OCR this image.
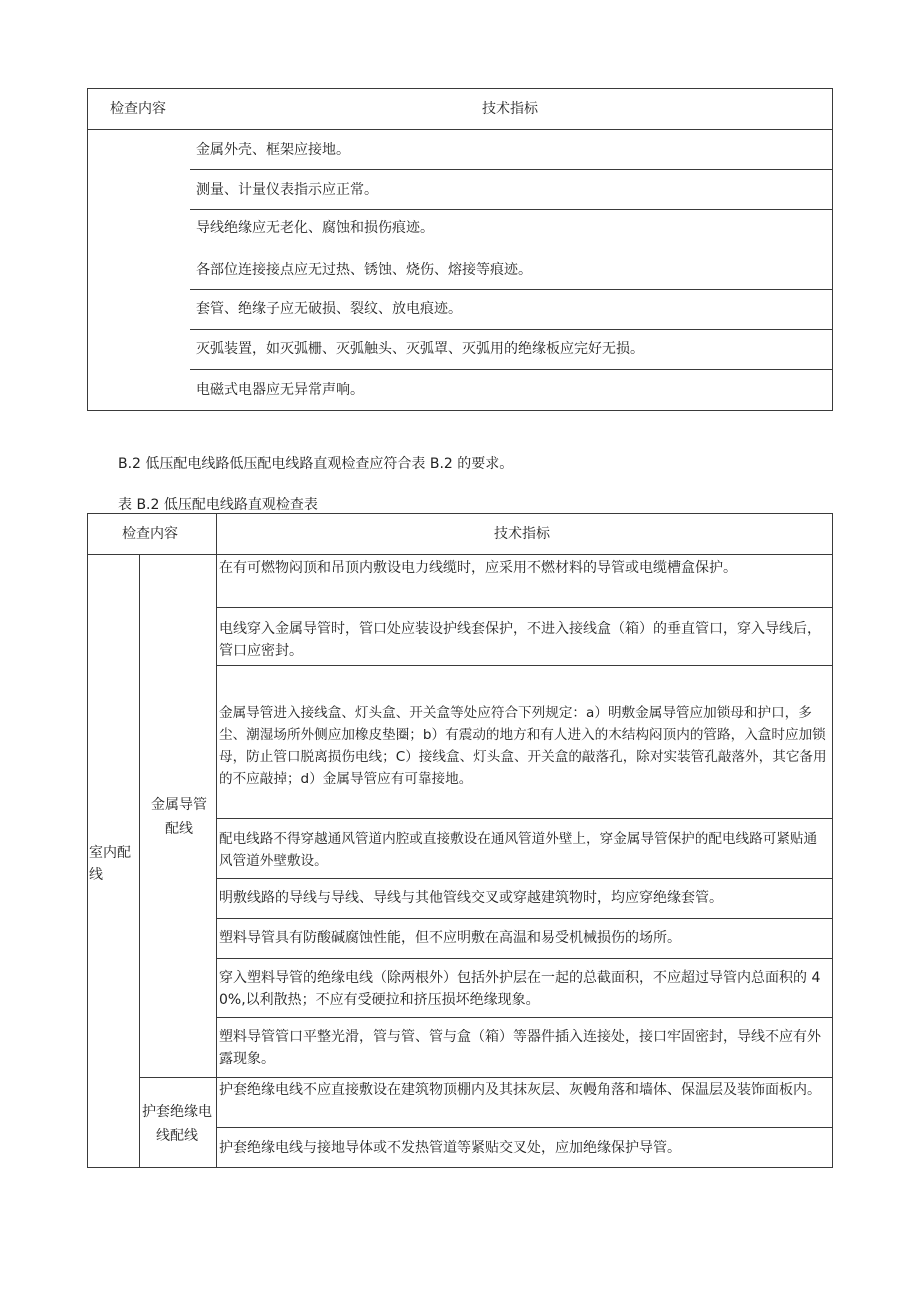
检查内容	技术指标
金属外壳、框架应接地。
测量、计量仪表指示应正常。
导线绝缘应无老化、腐蚀和损伤痕迹。
各部位连接接点应无过热、锈蚀、烧伤、熔接等痕迹。
套管、绝缘子应无破损、裂纹、放电痕迹。
灭弧装置，如灭弧栅、灭弧触头、灭弧罩、灭弧用的绝缘板应完好无损。
电磁式电器应无异常声响。
B.2 低压配电线路低压配电线路直观检查应符合表 B.2 的要求。
表 B.2 低压配电线路直观检查表
检查内容	技术指标
室内配线
金属导管配线
护套绝缘电线配线
在有可燃物闷顶和吊顶内敷设电力线缆时，应采用不燃材料的导管或电缆槽盒保护。
电线穿入金属导管时，管口处应装设护线套保护，不进入接线盒（箱）的垂直管口，穿入导线后，管口应密封。
金属导管进入接线盒、灯头盒、开关盒等处应符合下列规定：a）明敷金属导管应加锁母和护口，多尘、潮湿场所外侧应加橡皮垫圈；b）有震动的地方和有人进入的木结构闷顶内的管路，入盒时应加锁母，防止管口脱离损伤电线；C）接线盒、灯头盒、开关盒的敲落孔，除对实装管孔敲落外，其它备用的不应敲掉；d）金属导管应有可靠接地。
配电线路不得穿越通风管道内腔或直接敷设在通风管道外壁上，穿金属导管保护的配电线路可紧贴通风管道外壁敷设。
明敷线路的导线与导线、导线与其他管线交叉或穿越建筑物时，均应穿绝缘套管。
塑料导管具有防酸碱腐蚀性能，但不应明敷在高温和易受机械损伤的场所。
穿入塑料导管的绝缘电线（除两根外）包括外护层在一起的总截面积，不应超过导管内总面积的 40%,以利散热；不应有受硬拉和挤压损坏绝缘现象。
塑料导管管口平整光滑，管与管、管与盒（箱）等器件插入连接处，接口牢固密封，导线不应有外露现象。
护套绝缘电线不应直接敷设在建筑物顶棚内及其抹灰层、灰幔角落和墙体、保温层及装饰面板内。
护套绝缘电线与接地导体或不发热管道等紧贴交叉处，应加绝缘保护导管。
